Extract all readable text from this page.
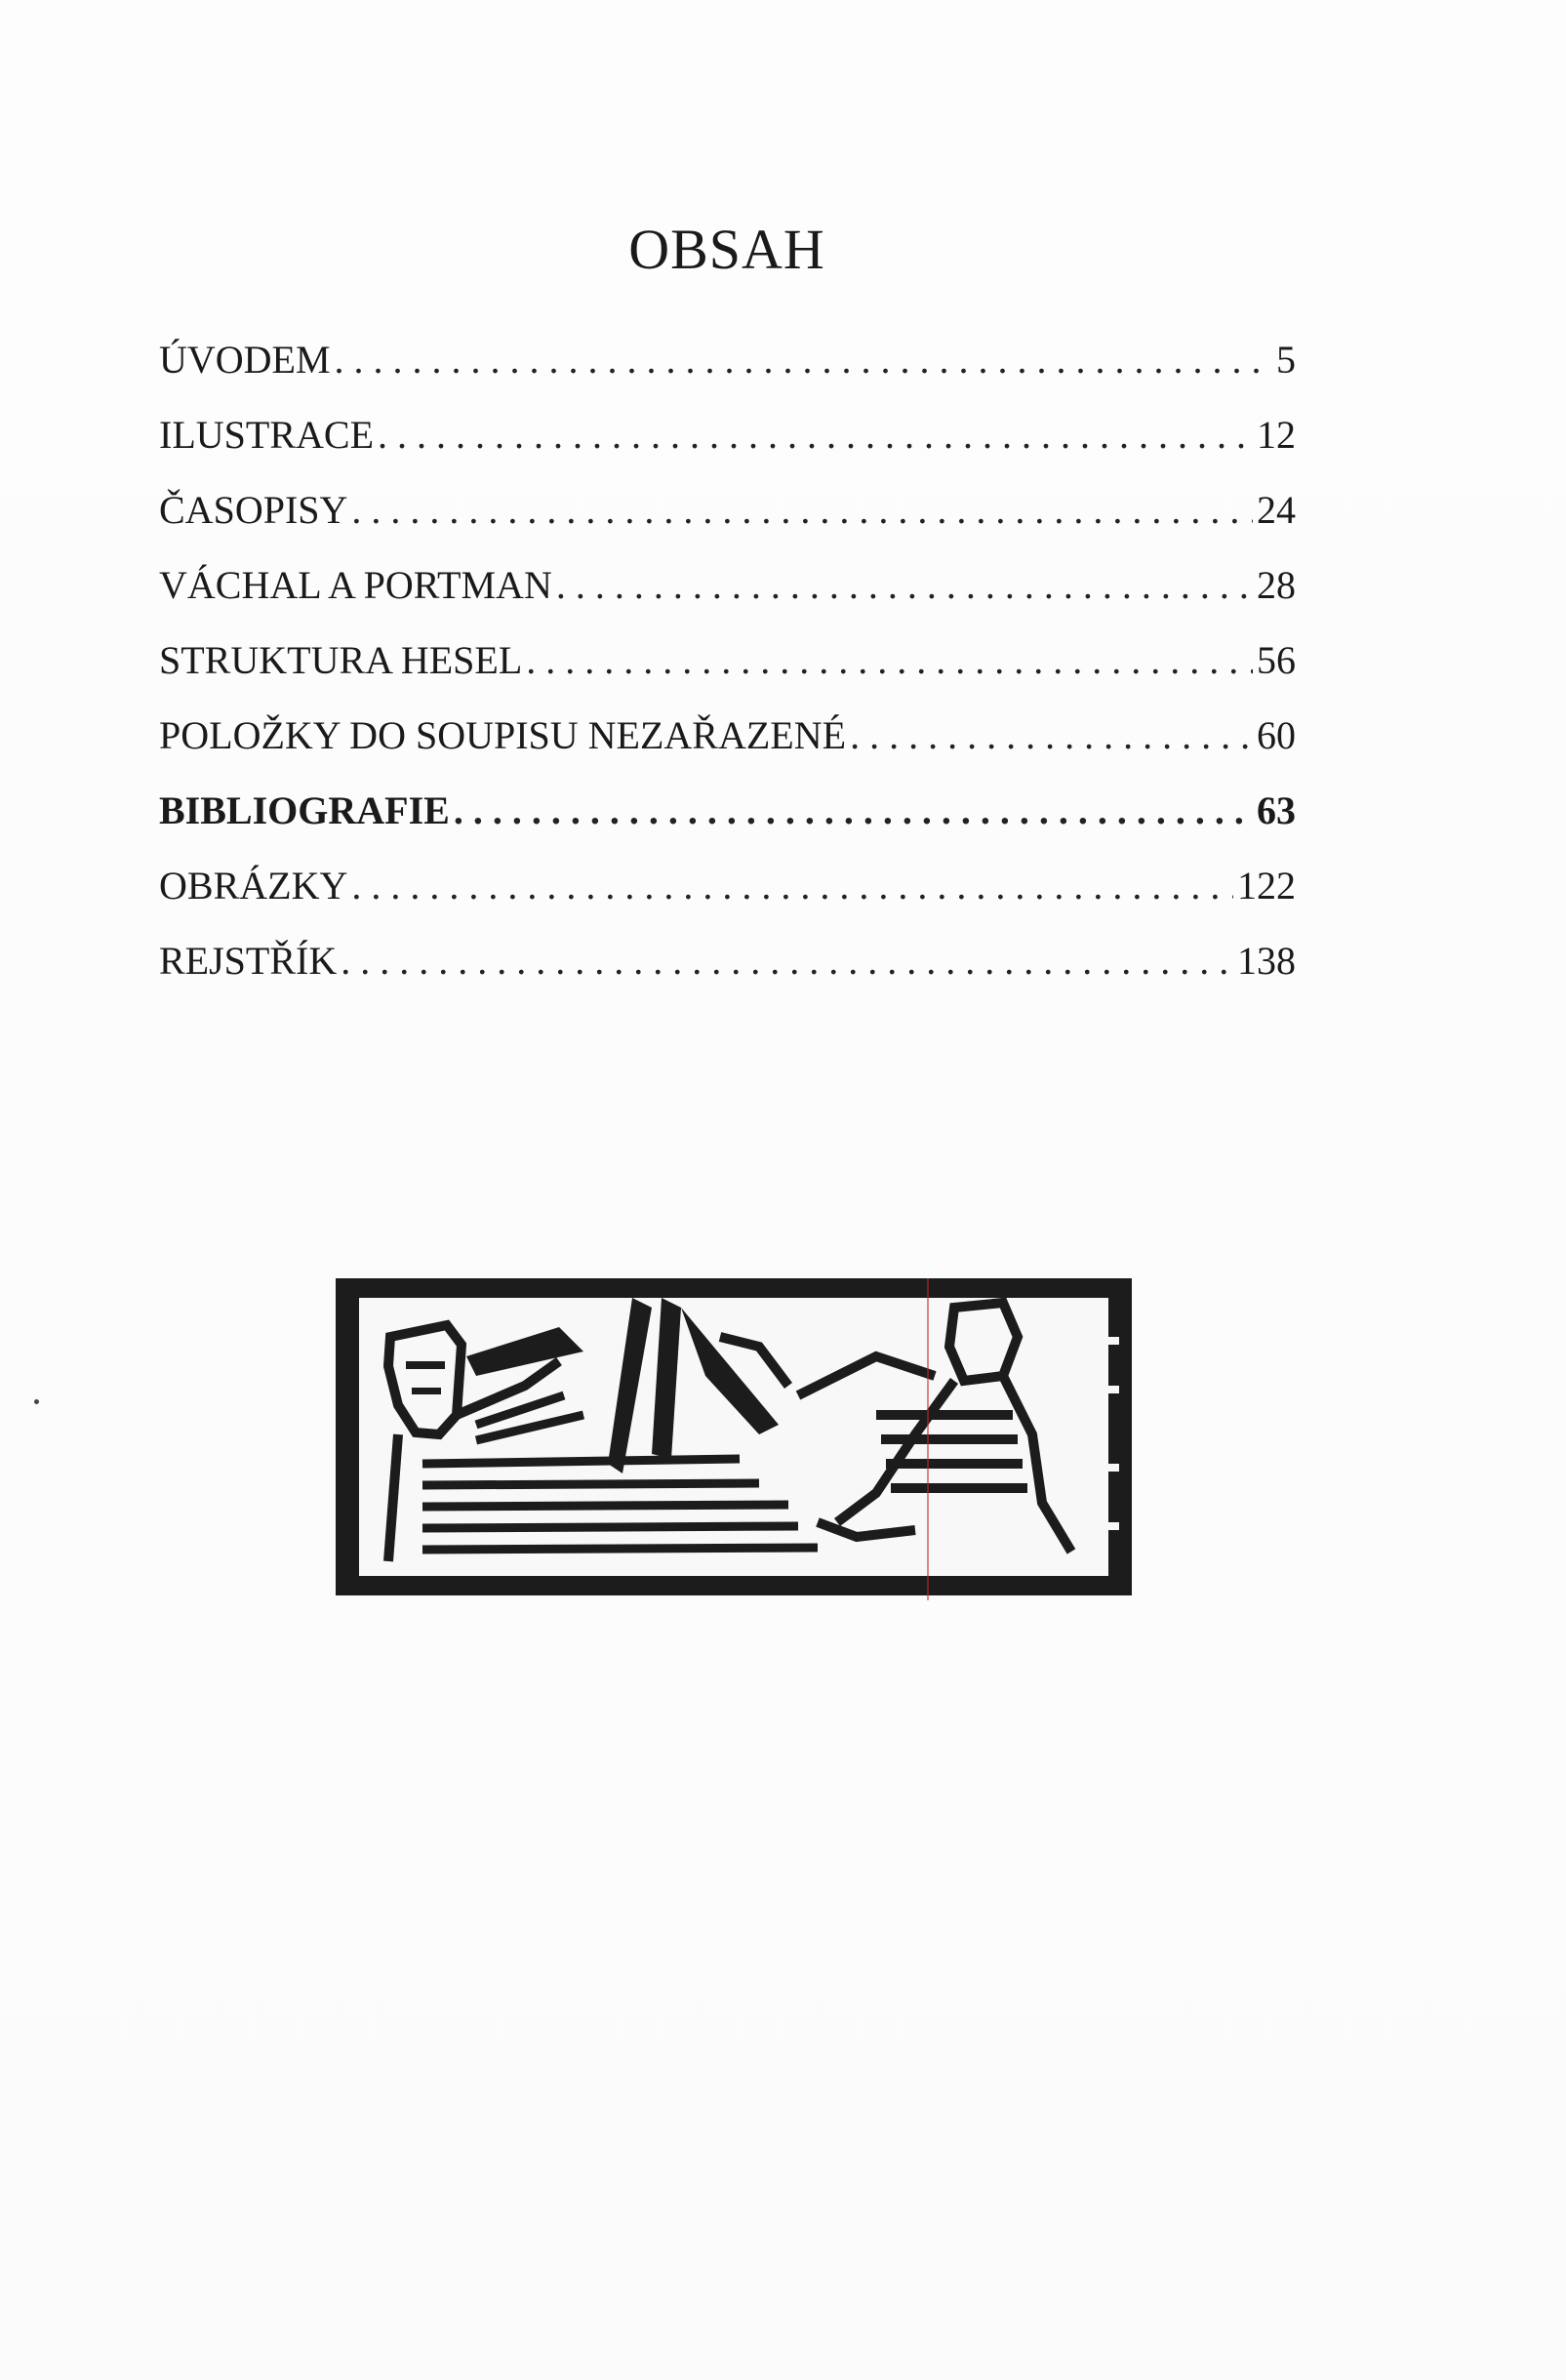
OBSAH
ÚVODEM . . .	5
ILUSTRACE . . .	12
ČASOPISY . . .	24
VÁCHAL A PORTMAN . . .	28
STRUKTURA HESEL . . .	56
POLOŽKY DO SOUPISU NEZAŘAZENÉ . . .	60
BIBLIOGRAFIE . . .	63
OBRÁZKY . . .	122
REJSTŘÍK . . .	138
